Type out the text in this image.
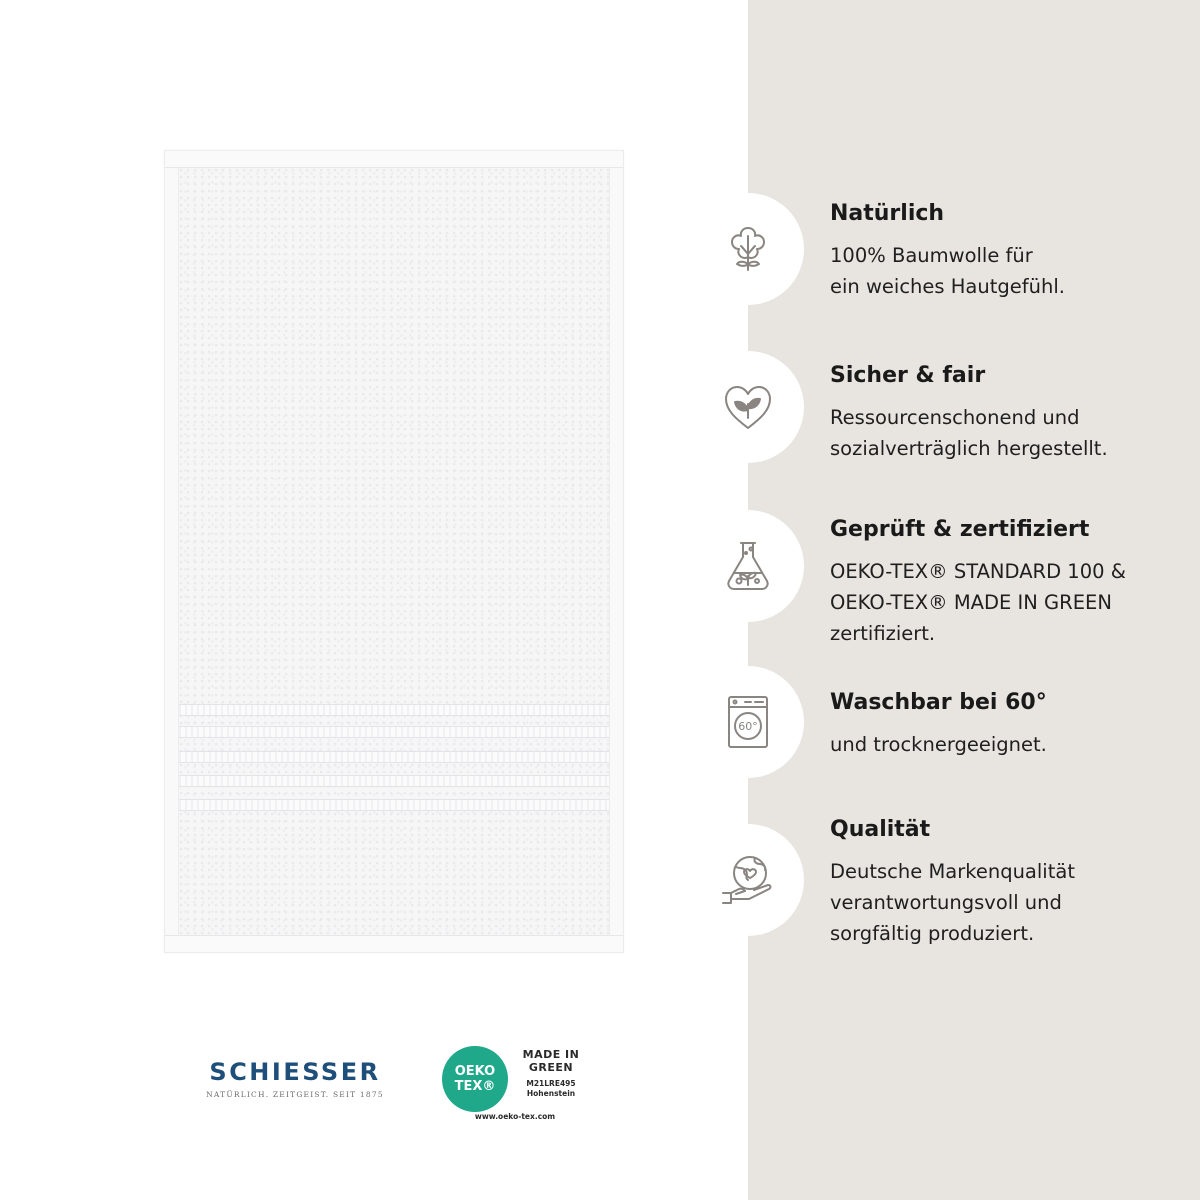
SCHIESSER
NATÜRLICH. ZEITGEIST. SEIT 1875
OEKO
TEX®
MADE IN
GREEN
M21LRE495
Hohenstein
www.oeko-tex.com
Natürlich
100% Baumwolle für
ein weiches Hautgefühl.
Sicher & fair
Ressourcenschonend und
sozialverträglich hergestellt.
Geprüft & zertifiziert
OEKO-TEX® STANDARD 100 &
OEKO-TEX® MADE IN GREEN
zertifiziert.
60°
Waschbar bei 60°
und trocknergeeignet.
Qualität
Deutsche Markenqualität
verantwortungsvoll und
sorgfältig produziert.
